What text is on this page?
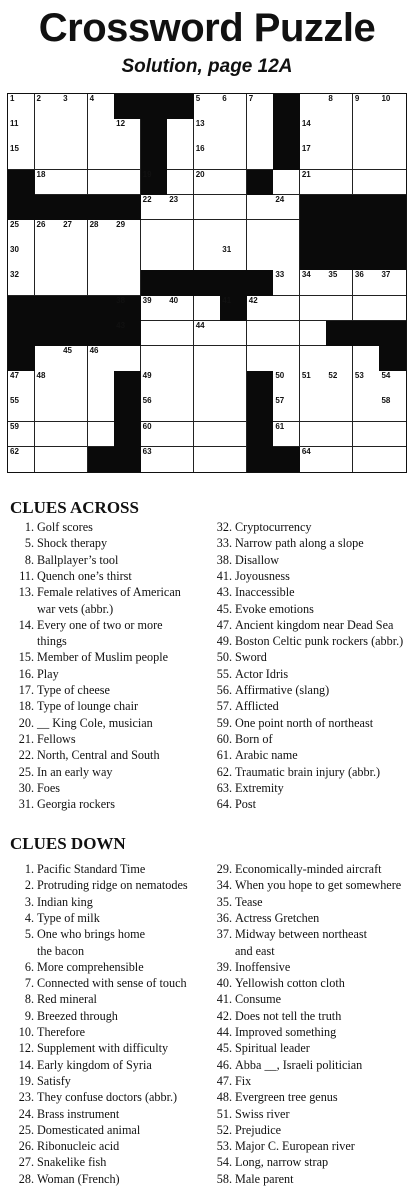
Crossword Puzzle
Solution, page 12A
1	2	3	4	5	6	7	8	9	10
11	12	13	14
15	16	17
18	19	20	21
22 23	24
25 26 27 28 29
30	31
32	33 34 35 36 37
38 39 40	41 42
43	44
45 46
47 48	49	50 51 52 53 54
55	56	57	58
59	60	61
62	63	64
CLUES ACROSS
1. Golf scores
5. Shock therapy
8. Ballplayer’s tool
11. Quench one’s thirst
13. Female relatives of American
war vets (abbr.)
14. Every one of two or more
things
15. Member of Muslim people
16. Play
17. Type of cheese
18. Type of lounge chair
20. __ King Cole, musician
21. Fellows
22. North, Central and South
25. In an early way
30. Foes
31. Georgia rockers
32. Cryptocurrency
33. Narrow path along a slope
38. Disallow
41. Joyousness
43. Inaccessible
45. Evoke emotions
47. Ancient kingdom near Dead Sea
49. Boston Celtic punk rockers (abbr.)
50. Sword
55. Actor Idris
56. Affirmative (slang)
57. Afflicted
59. One point north of northeast
60. Born of
61. Arabic name
62. Traumatic brain injury (abbr.)
63. Extremity
64. Post
CLUES DOWN
1. Pacific Standard Time
2. Protruding ridge on nematodes
3. Indian king
4. Type of milk
5. One who brings home
the bacon
6. More comprehensible
7. Connected with sense of touch
8. Red mineral
9. Breezed through
10. Therefore
12. Supplement with difficulty
14. Early kingdom of Syria
19. Satisfy
23. They confuse doctors (abbr.)
24. Brass instrument
25. Domesticated animal
26. Ribonucleic acid
27. Snakelike fish
28. Woman (French)
29. Economically-minded aircraft
34. When you hope to get somewhere
35. Tease
36. Actress Gretchen
37. Midway between northeast
and east
39. Inoffensive
40. Yellowish cotton cloth
41. Consume
42. Does not tell the truth
44. Improved something
45. Spiritual leader
46. Abba __, Israeli politician
47. Fix
48. Evergreen tree genus
51. Swiss river
52. Prejudice
53. Major C. European river
54. Long, narrow strap
58. Male parent
